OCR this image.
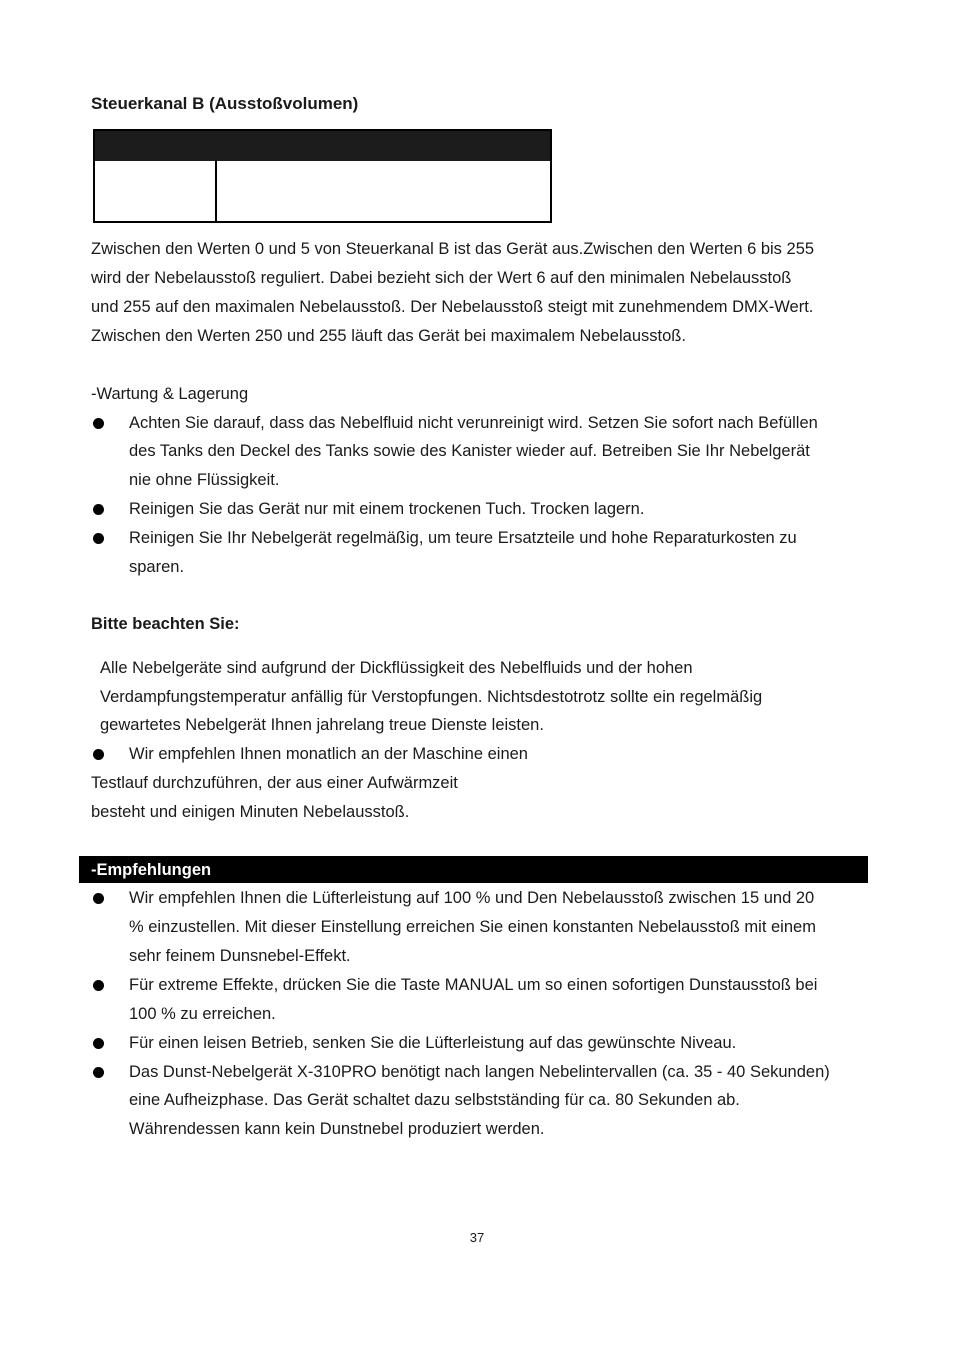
Steuerkanal B (Ausstoßvolumen)
Zwischen den Werten 0 und 5 von Steuerkanal B ist das Gerät aus.Zwischen den Werten 6 bis 255
wird der Nebelausstoß reguliert. Dabei bezieht sich der Wert 6 auf den minimalen Nebelausstoß
und 255 auf den maximalen Nebelausstoß. Der Nebelausstoß steigt mit zunehmendem DMX-Wert.
Zwischen den Werten 250 und 255 läuft das Gerät bei maximalem Nebelausstoß.
-Wartung & Lagerung
Achten Sie darauf, dass das Nebelfluid nicht verunreinigt wird. Setzen Sie sofort nach Befüllen
des Tanks den Deckel des Tanks sowie des Kanister wieder auf. Betreiben Sie Ihr Nebelgerät
nie ohne Flüssigkeit.
Reinigen Sie das Gerät nur mit einem trockenen Tuch. Trocken lagern.
Reinigen Sie Ihr Nebelgerät regelmäßig, um teure Ersatzteile und hohe Reparaturkosten zu
sparen.
Bitte beachten Sie:
Alle Nebelgeräte sind aufgrund der Dickflüssigkeit des Nebelfluids und der hohen
Verdampfungstemperatur anfällig für Verstopfungen. Nichtsdestotrotz sollte ein regelmäßig
gewartetes Nebelgerät Ihnen jahrelang treue Dienste leisten.
Wir empfehlen Ihnen monatlich an der Maschine einen
Testlauf durchzuführen, der aus einer Aufwärmzeit
besteht und einigen Minuten Nebelausstoß.
-Empfehlungen
Wir empfehlen Ihnen die Lüfterleistung auf 100 % und Den Nebelausstoß zwischen 15 und 20
% einzustellen. Mit dieser Einstellung erreichen Sie einen konstanten Nebelausstoß mit einem
sehr feinem Dunsnebel-Effekt.
Für extreme Effekte, drücken Sie die Taste MANUAL um so einen sofortigen Dunstausstoß bei
100 % zu erreichen.
Für einen leisen Betrieb, senken Sie die Lüfterleistung auf das gewünschte Niveau.
Das Dunst-Nebelgerät X-310PRO benötigt nach langen Nebelintervallen (ca. 35 - 40 Sekunden)
eine Aufheizphase. Das Gerät schaltet dazu selbstständing für ca. 80 Sekunden ab.
Währendessen kann kein Dunstnebel produziert werden.
37
